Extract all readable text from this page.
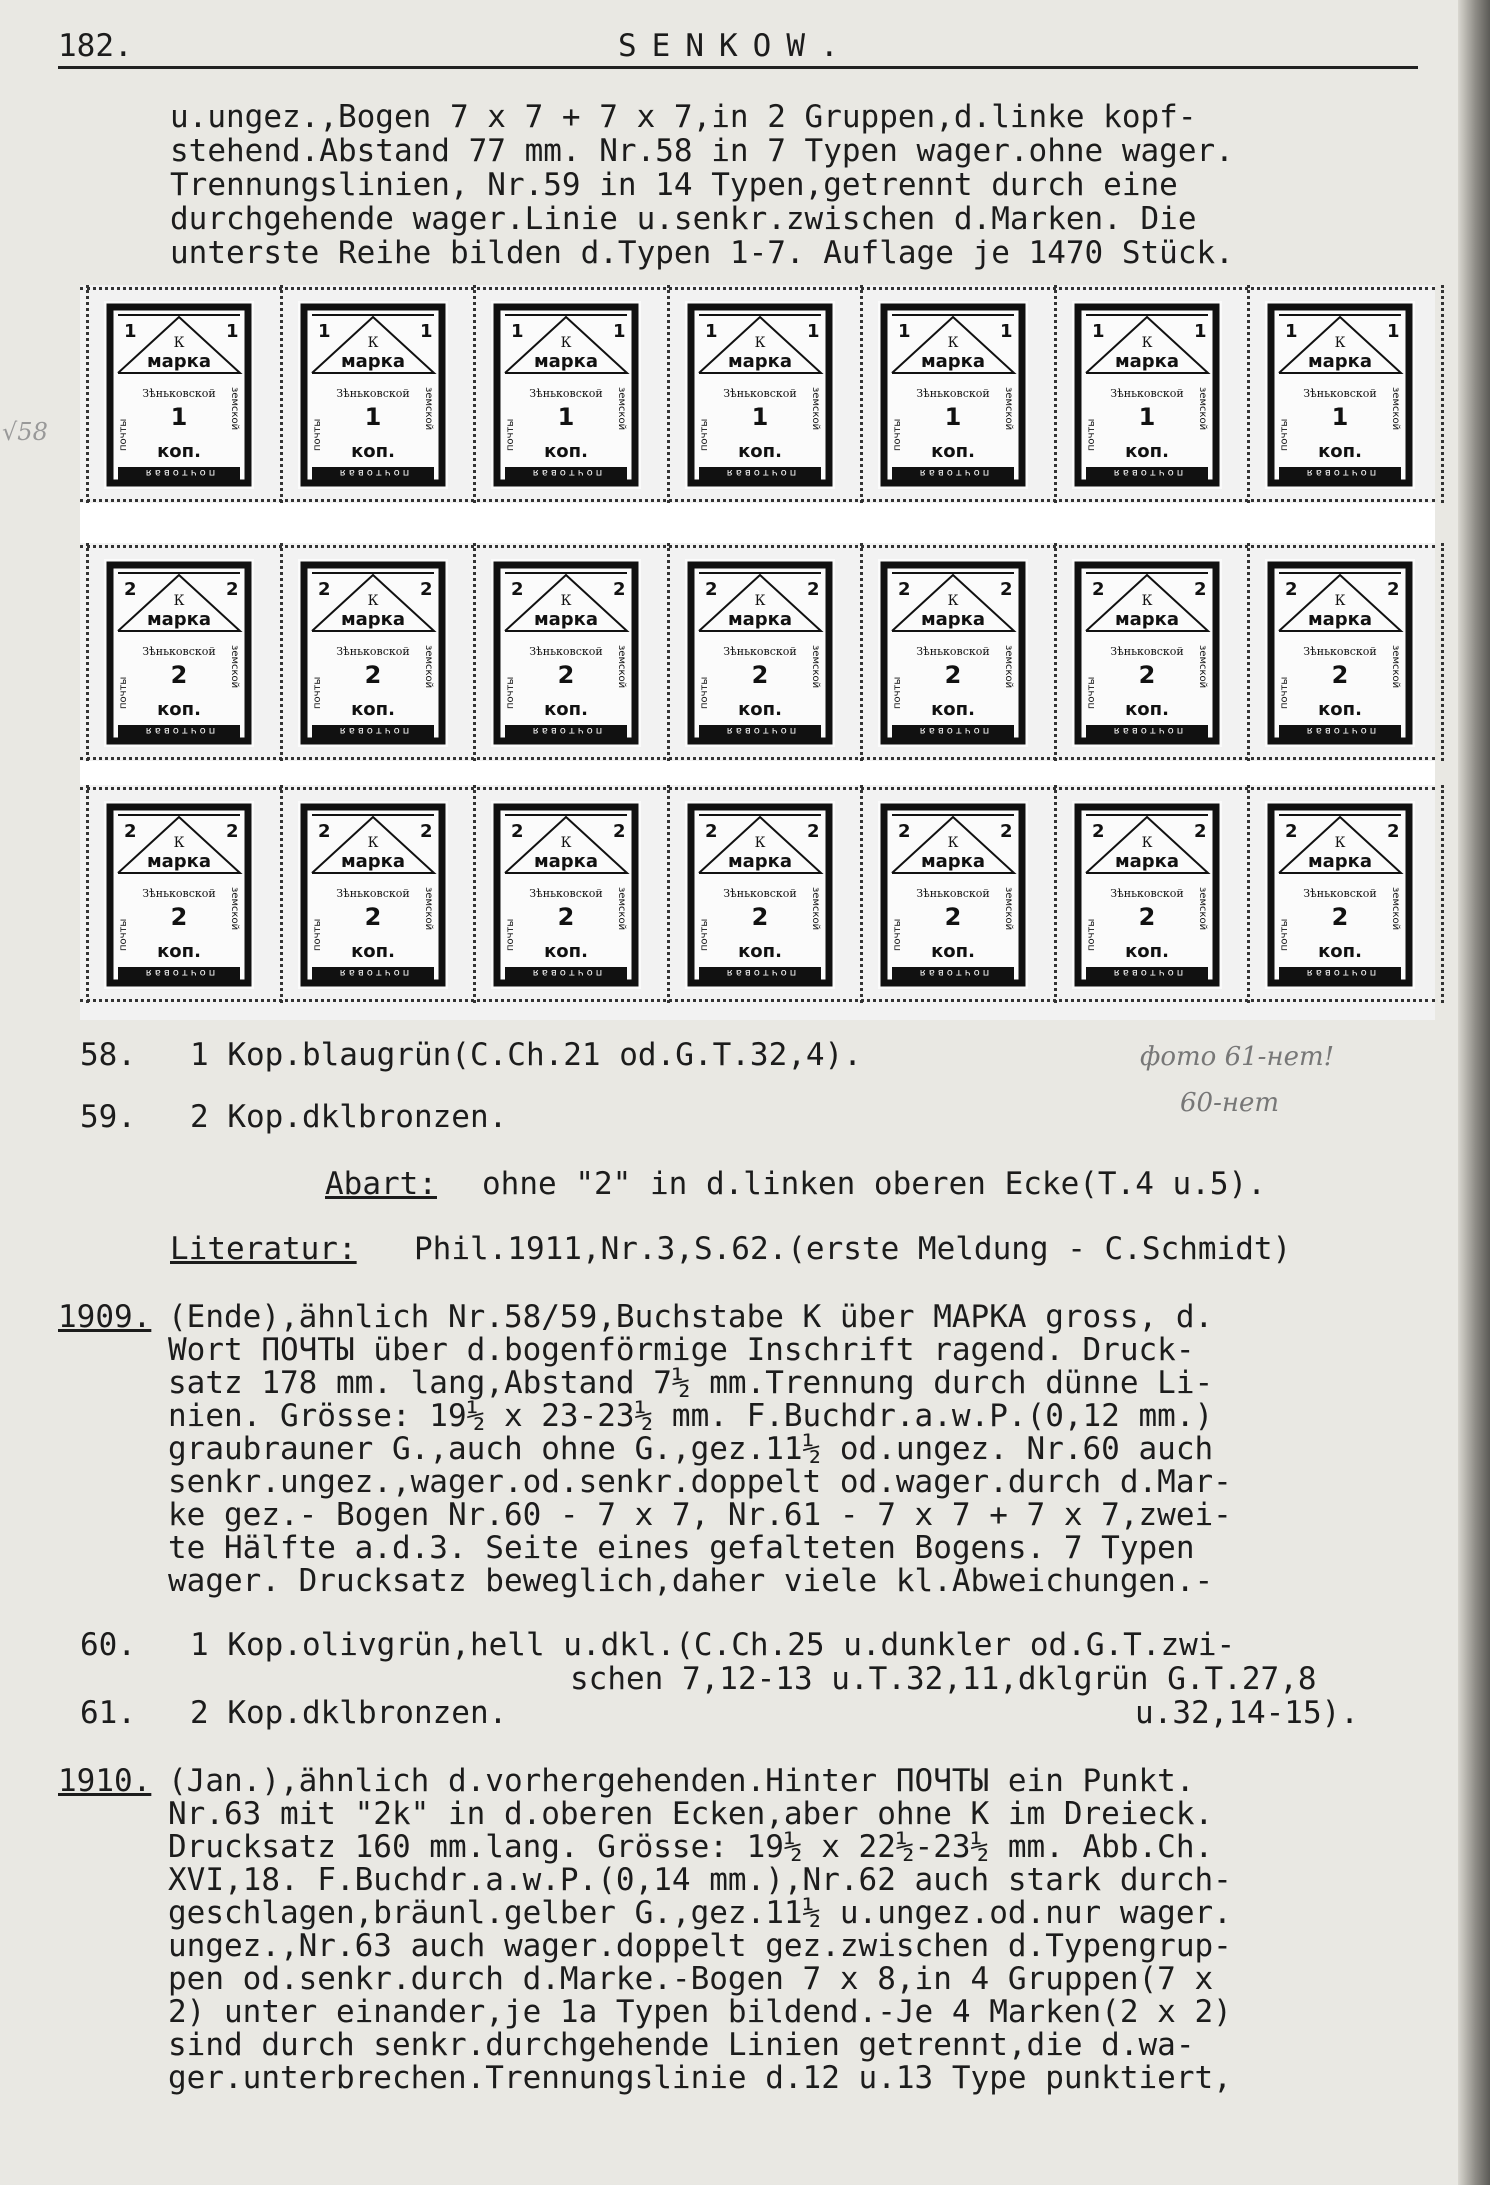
182.	SENKOW.
√58
u.ungez.,Bogen 7 x 7 + 7 x 7,in 2 Gruppen,d.linke kopf-
stehend.Abstand 77 mm. Nr.58 in 7 Typen wager.ohne wager.
Trennungslinien, Nr.59 in 14 Typen,getrennt durch eine
durchgehende wager.Linie u.senkr.zwischen d.Marken. Die
unterste Reihe bilden d.Typen 1-7. Auflage je 1470 Stück.
1	1
К
марка
Зѣньковской
1
коп.
почты
земской
почтовая
1	1
К
марка
Зѣньковской
1
коп.
почты
земской
почтовая
1	1
К
марка
Зѣньковской
1
коп.
почты
земской
почтовая
1	1
К
марка
Зѣньковской
1
коп.
почты
земской
почтовая
1	1
К
марка
Зѣньковской
1
коп.
почты
земской
почтовая
1	1
К
марка
Зѣньковской
1
коп.
почты
земской
почтовая
1	1
К
марка
Зѣньковской
1
коп.
почты
земской
почтовая
2	2
К
марка
Зѣньковской
2
коп.
почты
земской
почтовая
2	2
К
марка
Зѣньковской
2
коп.
почты
земской
почтовая
2	2
К
марка
Зѣньковской
2
коп.
почты
земской
почтовая
2	2
К
марка
Зѣньковской
2
коп.
почты
земской
почтовая
2	2
К
марка
Зѣньковской
2
коп.
почты
земской
почтовая
2	2
К
марка
Зѣньковской
2
коп.
почты
земской
почтовая
2	2
К
марка
Зѣньковской
2
коп.
почты
земской
почтовая
2	2
К
марка
Зѣньковской
2
коп.
почты
земской
почтовая
2	2
К
марка
Зѣньковской
2
коп.
почты
земской
почтовая
2	2
К
марка
Зѣньковской
2
коп.
почты
земской
почтовая
2	2
К
марка
Зѣньковской
2
коп.
почты
земской
почтовая
2	2
К
марка
Зѣньковской
2
коп.
почты
земской
почтовая
2	2
К
марка
Зѣньковской
2
коп.
почты
земской
почтовая
2	2
К
марка
Зѣньковской
2
коп.
почты
земской
почтовая
58. 1 Kop.blaugrün(C.Ch.21 od.G.T.32,4).
59. 2 Kop.dklbronzen.
фото 61-нет!
60-нет
Abart: ohne "2" in d.linken oberen Ecke(T.4 u.5).
Literatur: Phil.1911,Nr.3,S.62.(erste Meldung - C.Schmidt)
1909. (Ende),ähnlich Nr.58/59,Buchstabe K über МАРКА gross, d.
Wort ПОЧТЫ über d.bogenförmige Inschrift ragend. Druck-
satz 178 mm. lang,Abstand 7½ mm.Trennung durch dünne Li-
nien. Grösse: 19½ x 23-23½ mm. F.Buchdr.a.w.P.(0,12 mm.)
graubrauner G.,auch ohne G.,gez.11½ od.ungez. Nr.60 auch
senkr.ungez.,wager.od.senkr.doppelt od.wager.durch d.Mar-
ke gez.- Bogen Nr.60 - 7 x 7, Nr.61 - 7 x 7 + 7 x 7,zwei-
te Hälfte a.d.3. Seite eines gefalteten Bogens. 7 Typen
wager. Drucksatz beweglich,daher viele kl.Abweichungen.-
60. 1 Kop.olivgrün,hell u.dkl.(C.Ch.25 u.dunkler od.G.T.zwi-
schen 7,12-13 u.T.32,11,dklgrün G.T.27,8
61. 2 Kop.dklbronzen.	u.32,14-15).
1910. (Jan.),ähnlich d.vorhergehenden.Hinter ПОЧТЫ ein Punkt.
Nr.63 mit "2k" in d.oberen Ecken,aber ohne K im Dreieck.
Drucksatz 160 mm.lang. Grösse: 19½ x 22½-23½ mm. Abb.Ch.
XVI,18. F.Buchdr.a.w.P.(0,14 mm.),Nr.62 auch stark durch-
geschlagen,bräunl.gelber G.,gez.11½ u.ungez.od.nur wager.
ungez.,Nr.63 auch wager.doppelt gez.zwischen d.Typengrup-
pen od.senkr.durch d.Marke.-Bogen 7 x 8,in 4 Gruppen(7 x
2) unter einander,je 1a Typen bildend.-Je 4 Marken(2 x 2)
sind durch senkr.durchgehende Linien getrennt,die d.wa-
ger.unterbrechen.Trennungslinie d.12 u.13 Type punktiert,
